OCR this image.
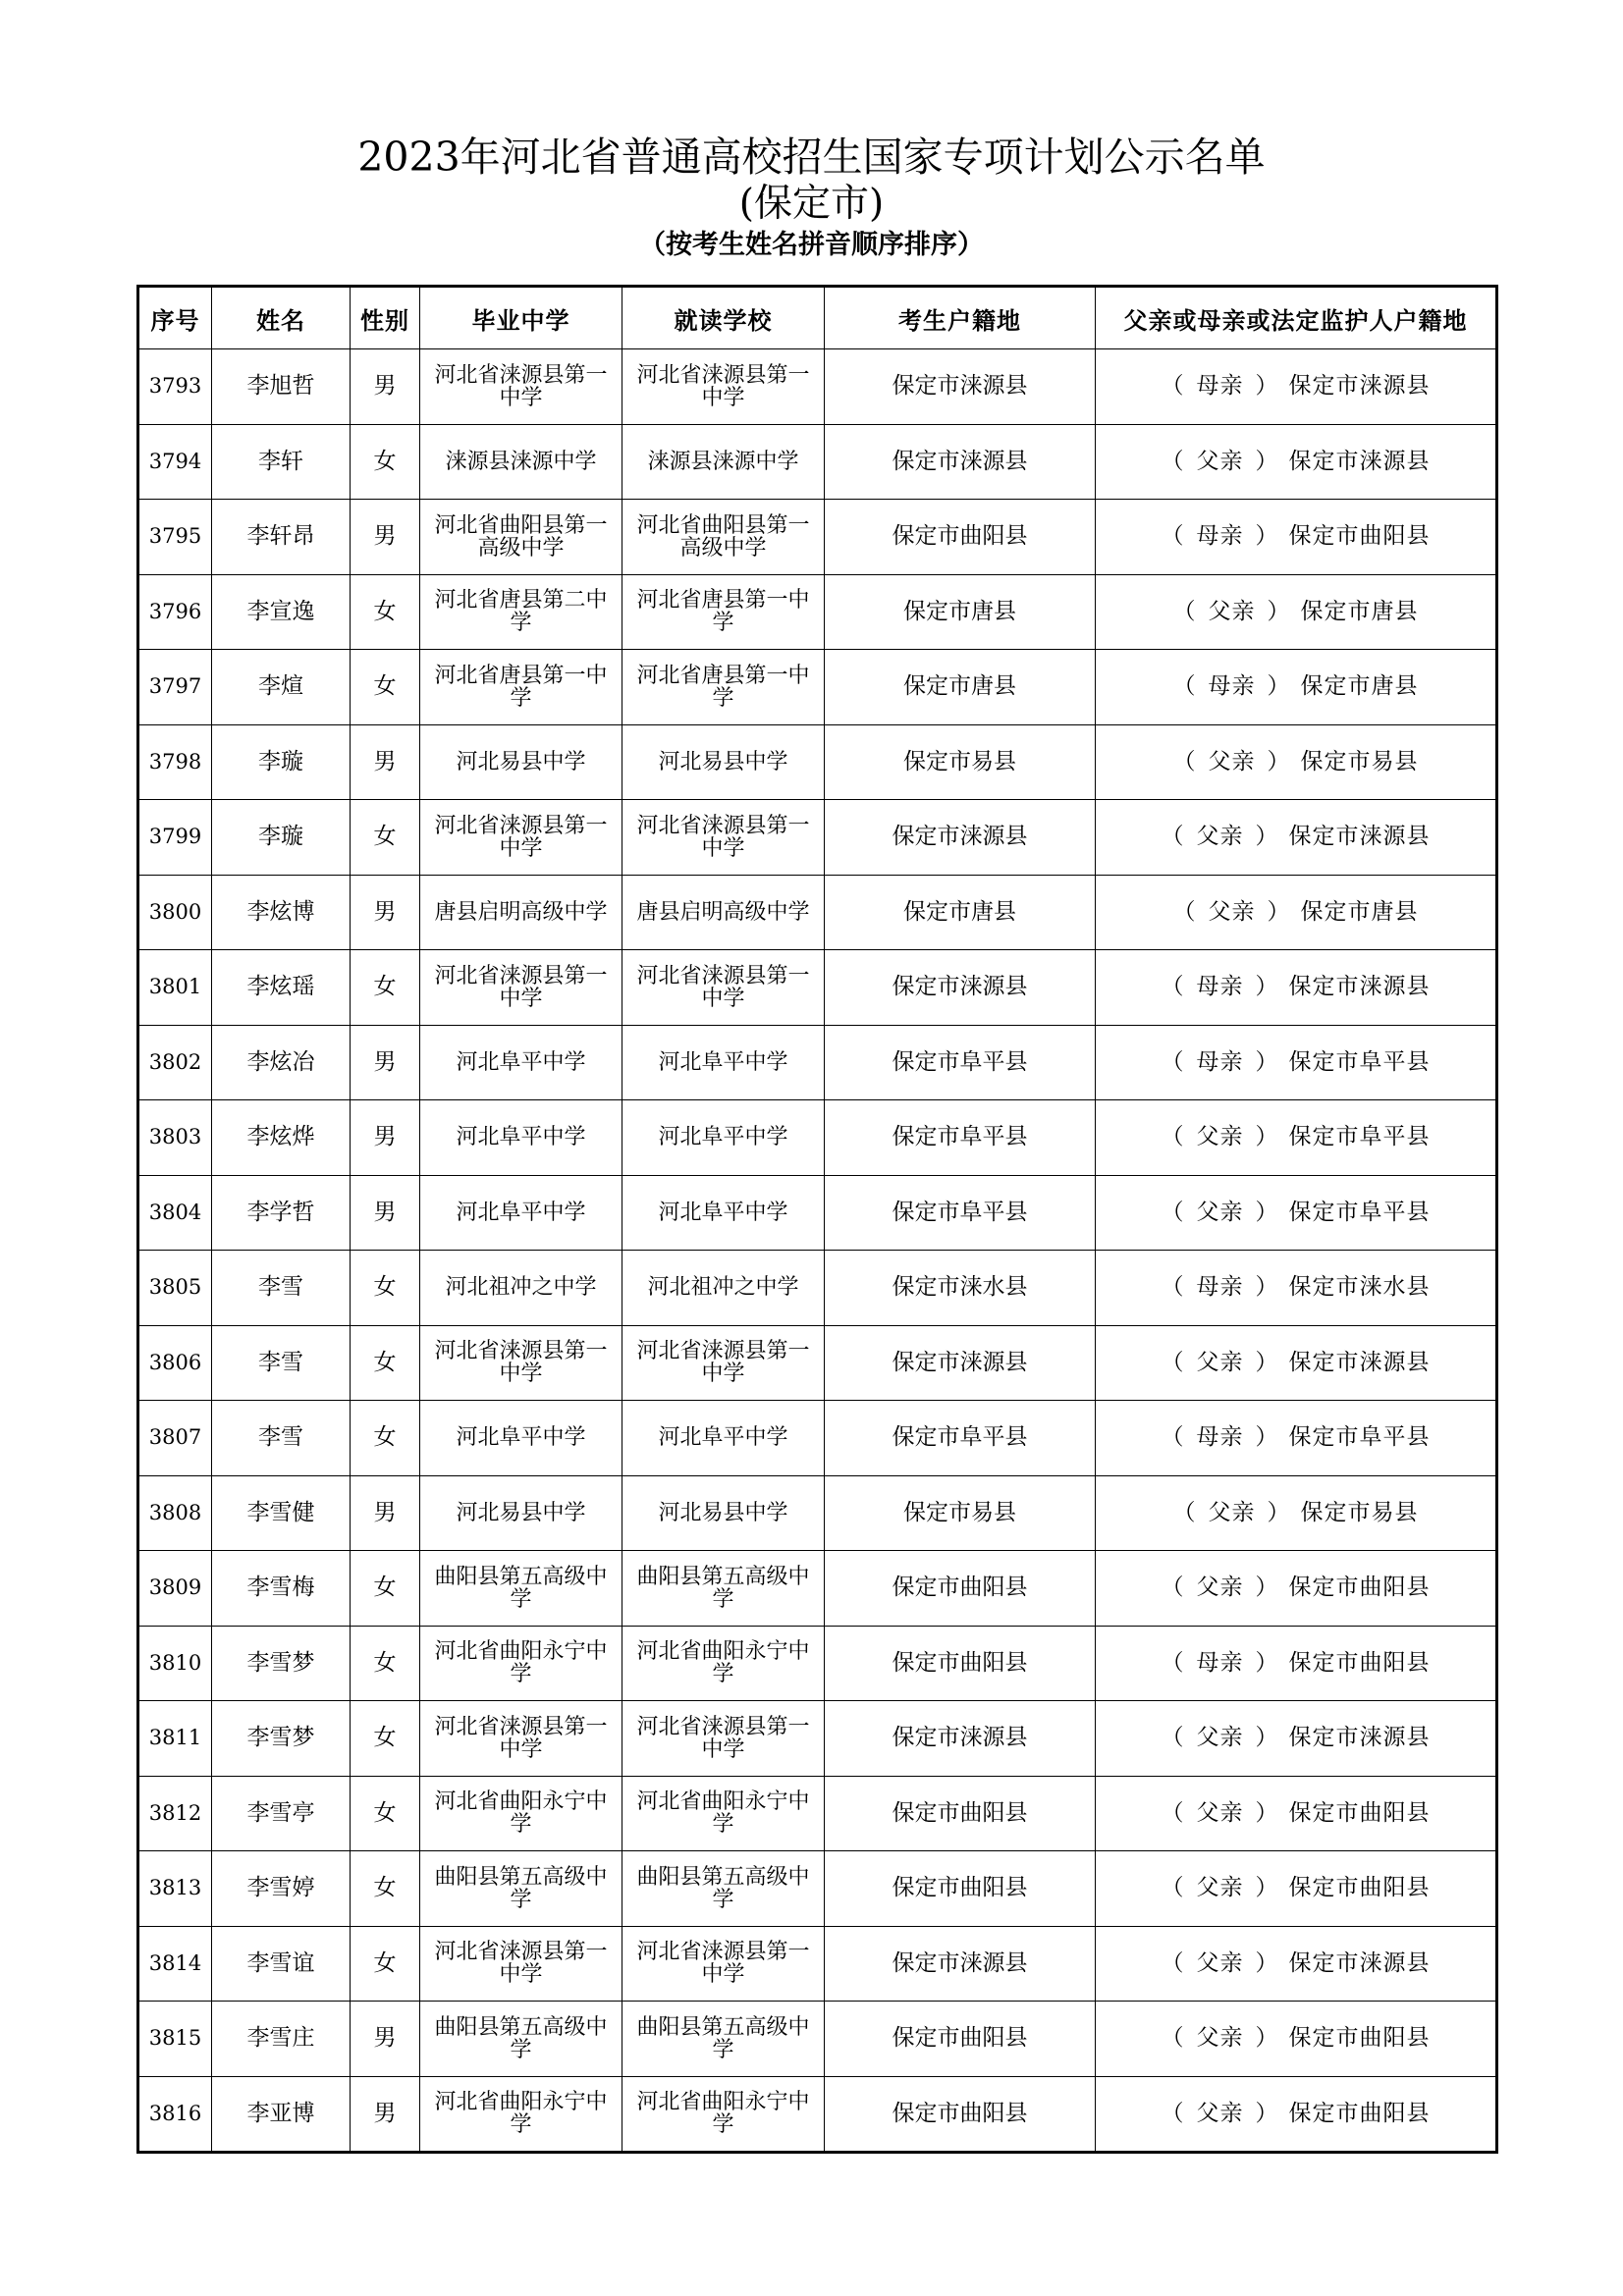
2023年河北省普通高校招生国家专项计划公示名单
(保定市)
（按考生姓名拼音顺序排序）
序号	姓名	性别	毕业中学	就读学校	考生户籍地	父亲或母亲或法定监护人户籍地
3793	李旭哲	男	河北省涞源县第一中学	河北省涞源县第一中学	保定市涞源县	（ 母亲 ） 保定市涞源县
3794	李轩	女	涞源县涞源中学	涞源县涞源中学	保定市涞源县	（ 父亲 ） 保定市涞源县
3795	李轩昂	男	河北省曲阳县第一高级中学	河北省曲阳县第一高级中学	保定市曲阳县	（ 母亲 ） 保定市曲阳县
3796	李宣逸	女	河北省唐县第二中学	河北省唐县第一中学	保定市唐县	（ 父亲 ） 保定市唐县
3797	李煊	女	河北省唐县第一中学	河北省唐县第一中学	保定市唐县	（ 母亲 ） 保定市唐县
3798	李璇	男	河北易县中学	河北易县中学	保定市易县	（ 父亲 ） 保定市易县
3799	李璇	女	河北省涞源县第一中学	河北省涞源县第一中学	保定市涞源县	（ 父亲 ） 保定市涞源县
3800	李炫博	男	唐县启明高级中学	唐县启明高级中学	保定市唐县	（ 父亲 ） 保定市唐县
3801	李炫瑶	女	河北省涞源县第一中学	河北省涞源县第一中学	保定市涞源县	（ 母亲 ） 保定市涞源县
3802	李炫冶	男	河北阜平中学	河北阜平中学	保定市阜平县	（ 母亲 ） 保定市阜平县
3803	李炫烨	男	河北阜平中学	河北阜平中学	保定市阜平县	（ 父亲 ） 保定市阜平县
3804	李学哲	男	河北阜平中学	河北阜平中学	保定市阜平县	（ 父亲 ） 保定市阜平县
3805	李雪	女	河北祖冲之中学	河北祖冲之中学	保定市涞水县	（ 母亲 ） 保定市涞水县
3806	李雪	女	河北省涞源县第一中学	河北省涞源县第一中学	保定市涞源县	（ 父亲 ） 保定市涞源县
3807	李雪	女	河北阜平中学	河北阜平中学	保定市阜平县	（ 母亲 ） 保定市阜平县
3808	李雪健	男	河北易县中学	河北易县中学	保定市易县	（ 父亲 ） 保定市易县
3809	李雪梅	女	曲阳县第五高级中学	曲阳县第五高级中学	保定市曲阳县	（ 父亲 ） 保定市曲阳县
3810	李雪梦	女	河北省曲阳永宁中学	河北省曲阳永宁中学	保定市曲阳县	（ 母亲 ） 保定市曲阳县
3811	李雪梦	女	河北省涞源县第一中学	河北省涞源县第一中学	保定市涞源县	（ 父亲 ） 保定市涞源县
3812	李雪亭	女	河北省曲阳永宁中学	河北省曲阳永宁中学	保定市曲阳县	（ 父亲 ） 保定市曲阳县
3813	李雪婷	女	曲阳县第五高级中学	曲阳县第五高级中学	保定市曲阳县	（ 父亲 ） 保定市曲阳县
3814	李雪谊	女	河北省涞源县第一中学	河北省涞源县第一中学	保定市涞源县	（ 父亲 ） 保定市涞源县
3815	李雪庄	男	曲阳县第五高级中学	曲阳县第五高级中学	保定市曲阳县	（ 父亲 ） 保定市曲阳县
3816	李亚博	男	河北省曲阳永宁中学	河北省曲阳永宁中学	保定市曲阳县	（ 父亲 ） 保定市曲阳县
